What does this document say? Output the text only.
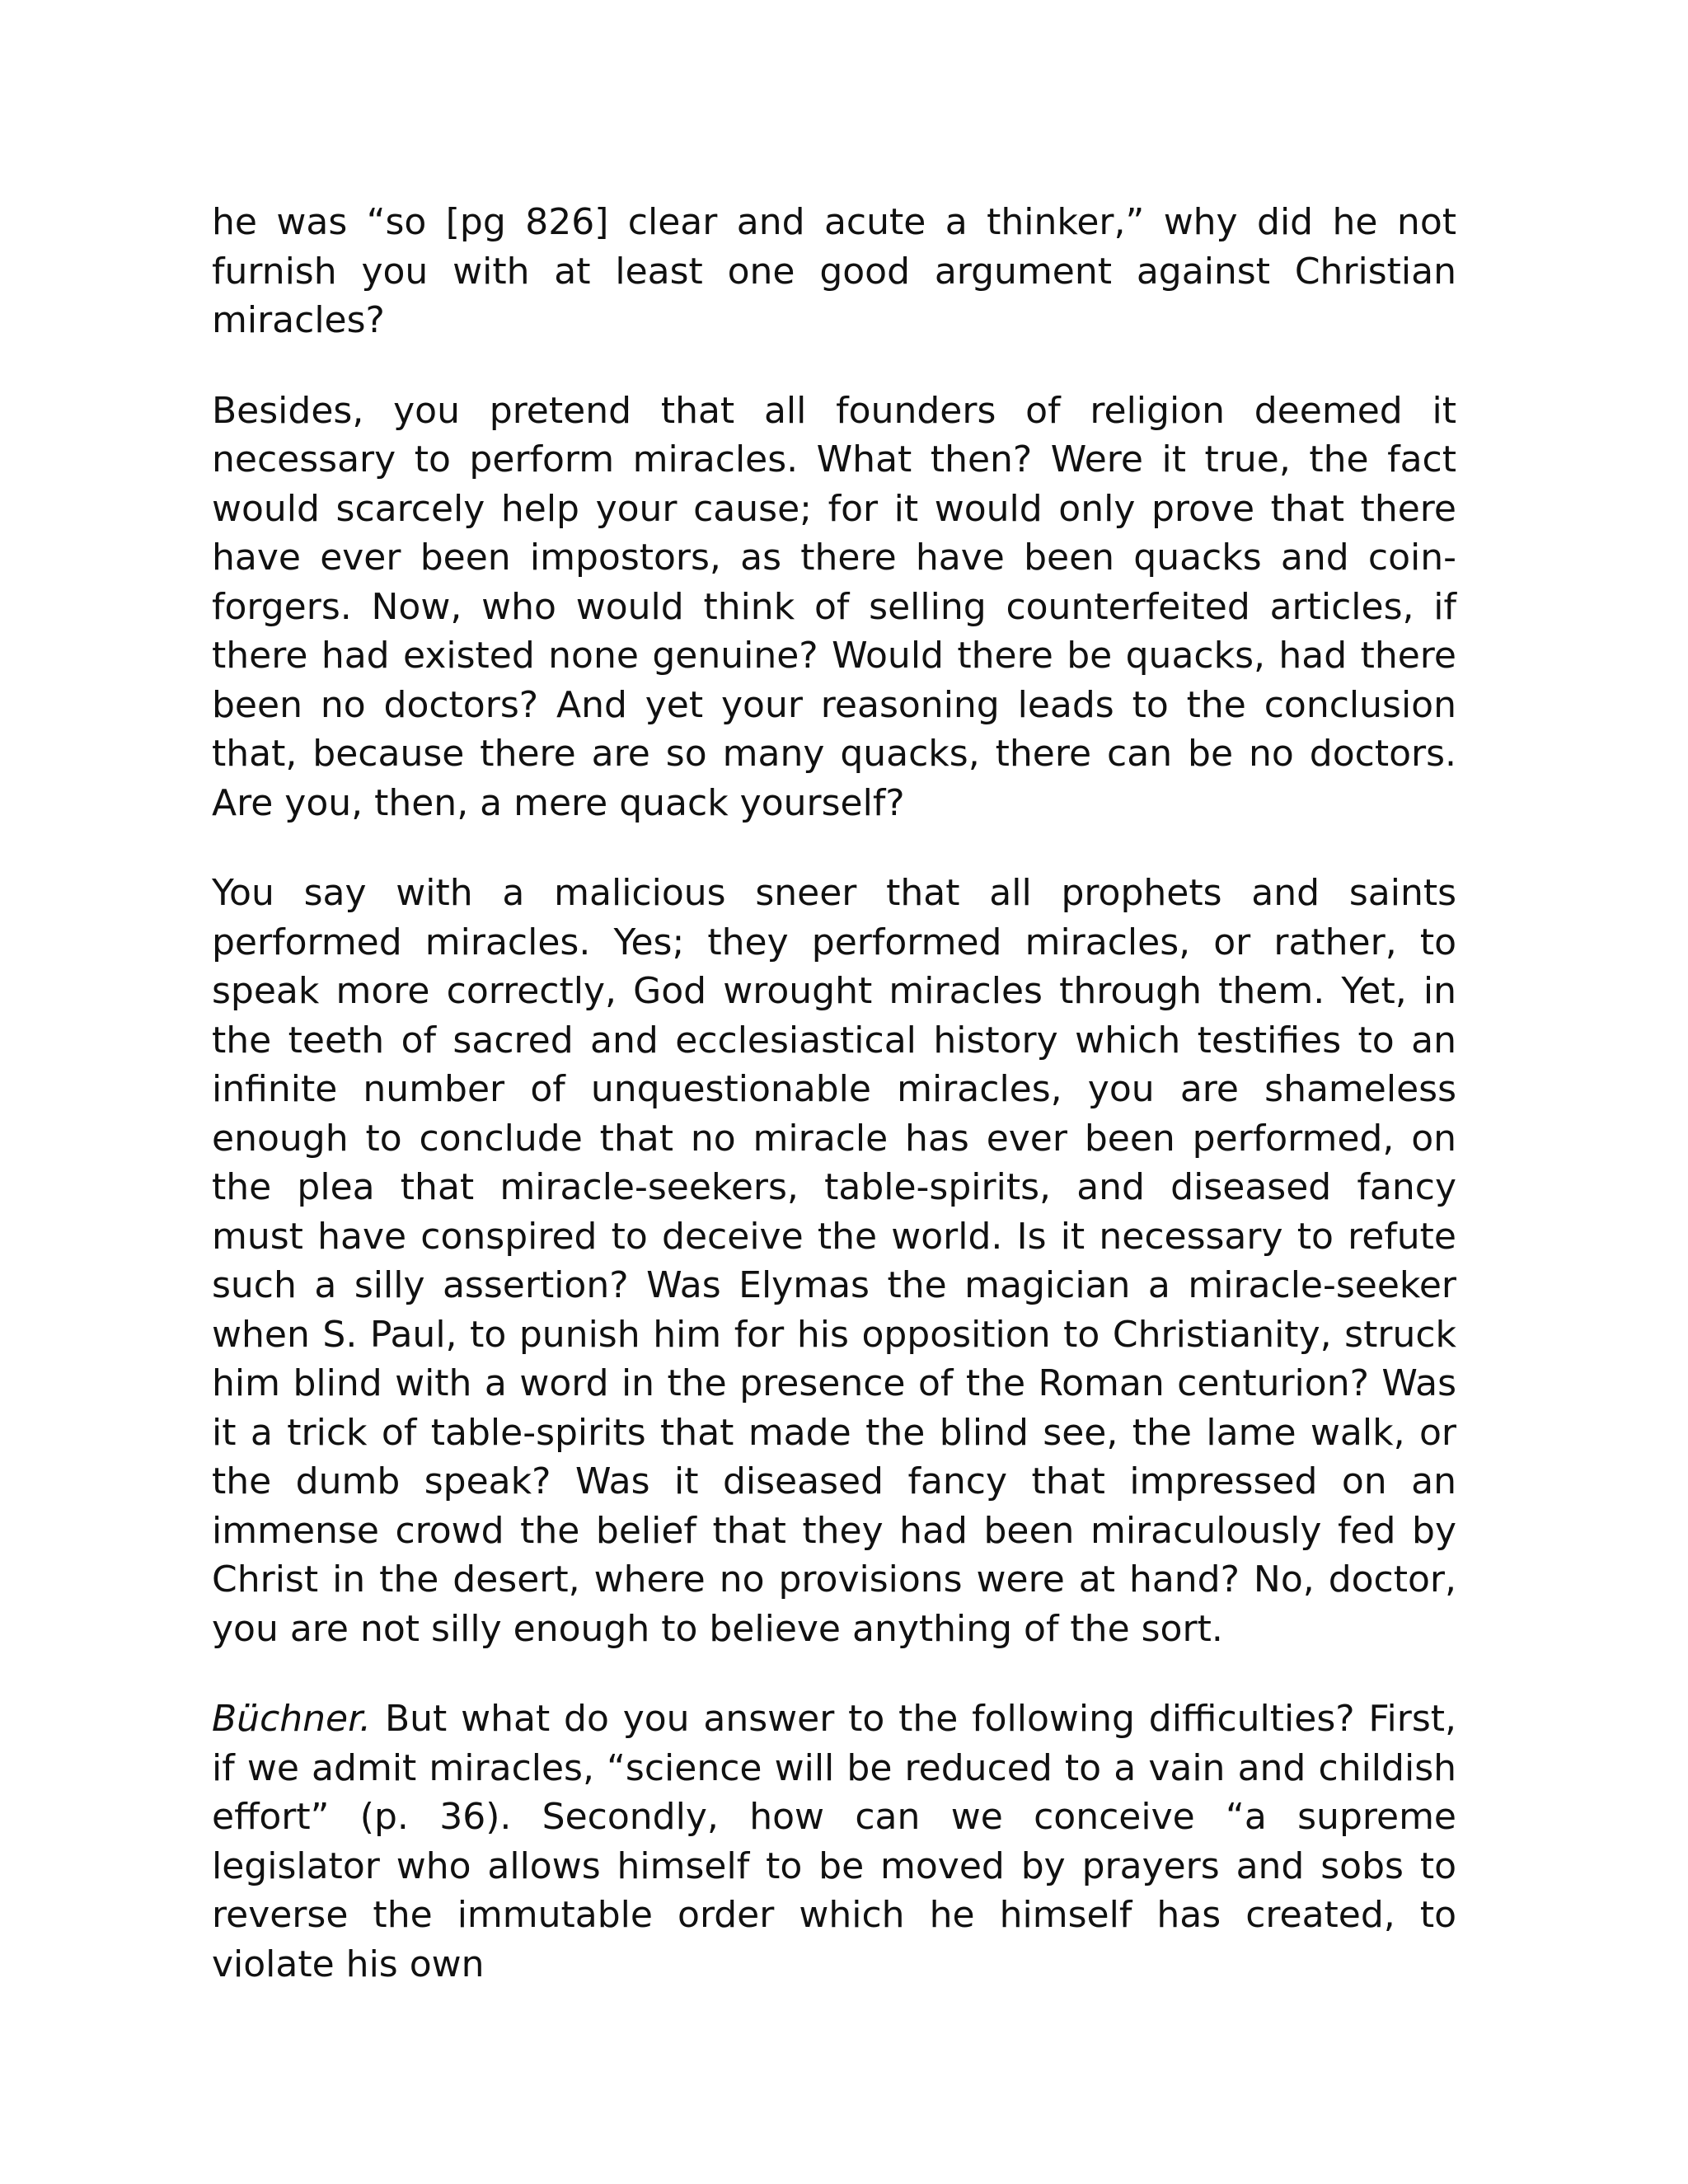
he was “so [pg 826] clear and acute a thinker,” why did he not furnish you with at least one good argument against Christian miracles?

Besides, you pretend that all founders of religion deemed it necessary to perform miracles. What then? Were it true, the fact would scarcely help your cause; for it would only prove that there have ever been impostors, as there have been quacks and coin-forgers. Now, who would think of selling counterfeited articles, if there had existed none genuine? Would there be quacks, had there been no doctors? And yet your reasoning leads to the conclusion that, because there are so many quacks, there can be no doctors. Are you, then, a mere quack yourself?

You say with a malicious sneer that all prophets and saints performed miracles. Yes; they performed miracles, or rather, to speak more correctly, God wrought miracles through them. Yet, in the teeth of sacred and ecclesiastical history which testifies to an infinite number of unquestionable miracles, you are shameless enough to conclude that no miracle has ever been performed, on the plea that miracle-seekers, table-spirits, and diseased fancy must have conspired to deceive the world. Is it necessary to refute such a silly assertion? Was Elymas the magician a miracle-seeker when S. Paul, to punish him for his opposition to Christianity, struck him blind with a word in the presence of the Roman centurion? Was it a trick of table-spirits that made the blind see, the lame walk, or the dumb speak? Was it diseased fancy that impressed on an immense crowd the belief that they had been miraculously fed by Christ in the desert, where no provisions were at hand? No, doctor, you are not silly enough to believe anything of the sort.

Büchner. But what do you answer to the following difficulties? First, if we admit miracles, “science will be reduced to a vain and childish effort” (p. 36). Secondly, how can we conceive “a supreme legislator who allows himself to be moved by prayers and sobs to reverse the immutable order which he himself has created, to violate his own
